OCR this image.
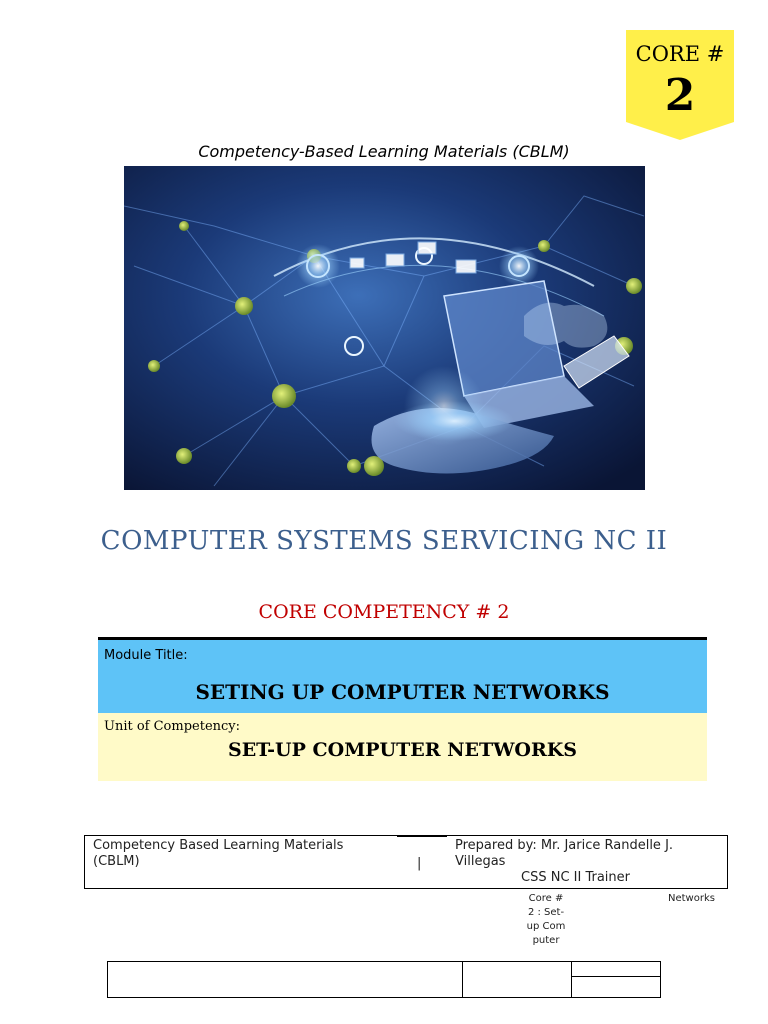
CORE #
2
Competency-Based Learning Materials (CBLM)
COMPUTER SYSTEMS SERVICING NC II
CORE COMPETENCY # 2
Module Title:
SETING UP COMPUTER NETWORKS
Unit of Competency:
SET-UP COMPUTER NETWORKS
Competency Based Learning Materials (CBLM)	|
Prepared by: Mr. Jarice Randelle J. Villegas
CSS NC II Trainer
Core # 2 : Set- up Com puter
Networks
